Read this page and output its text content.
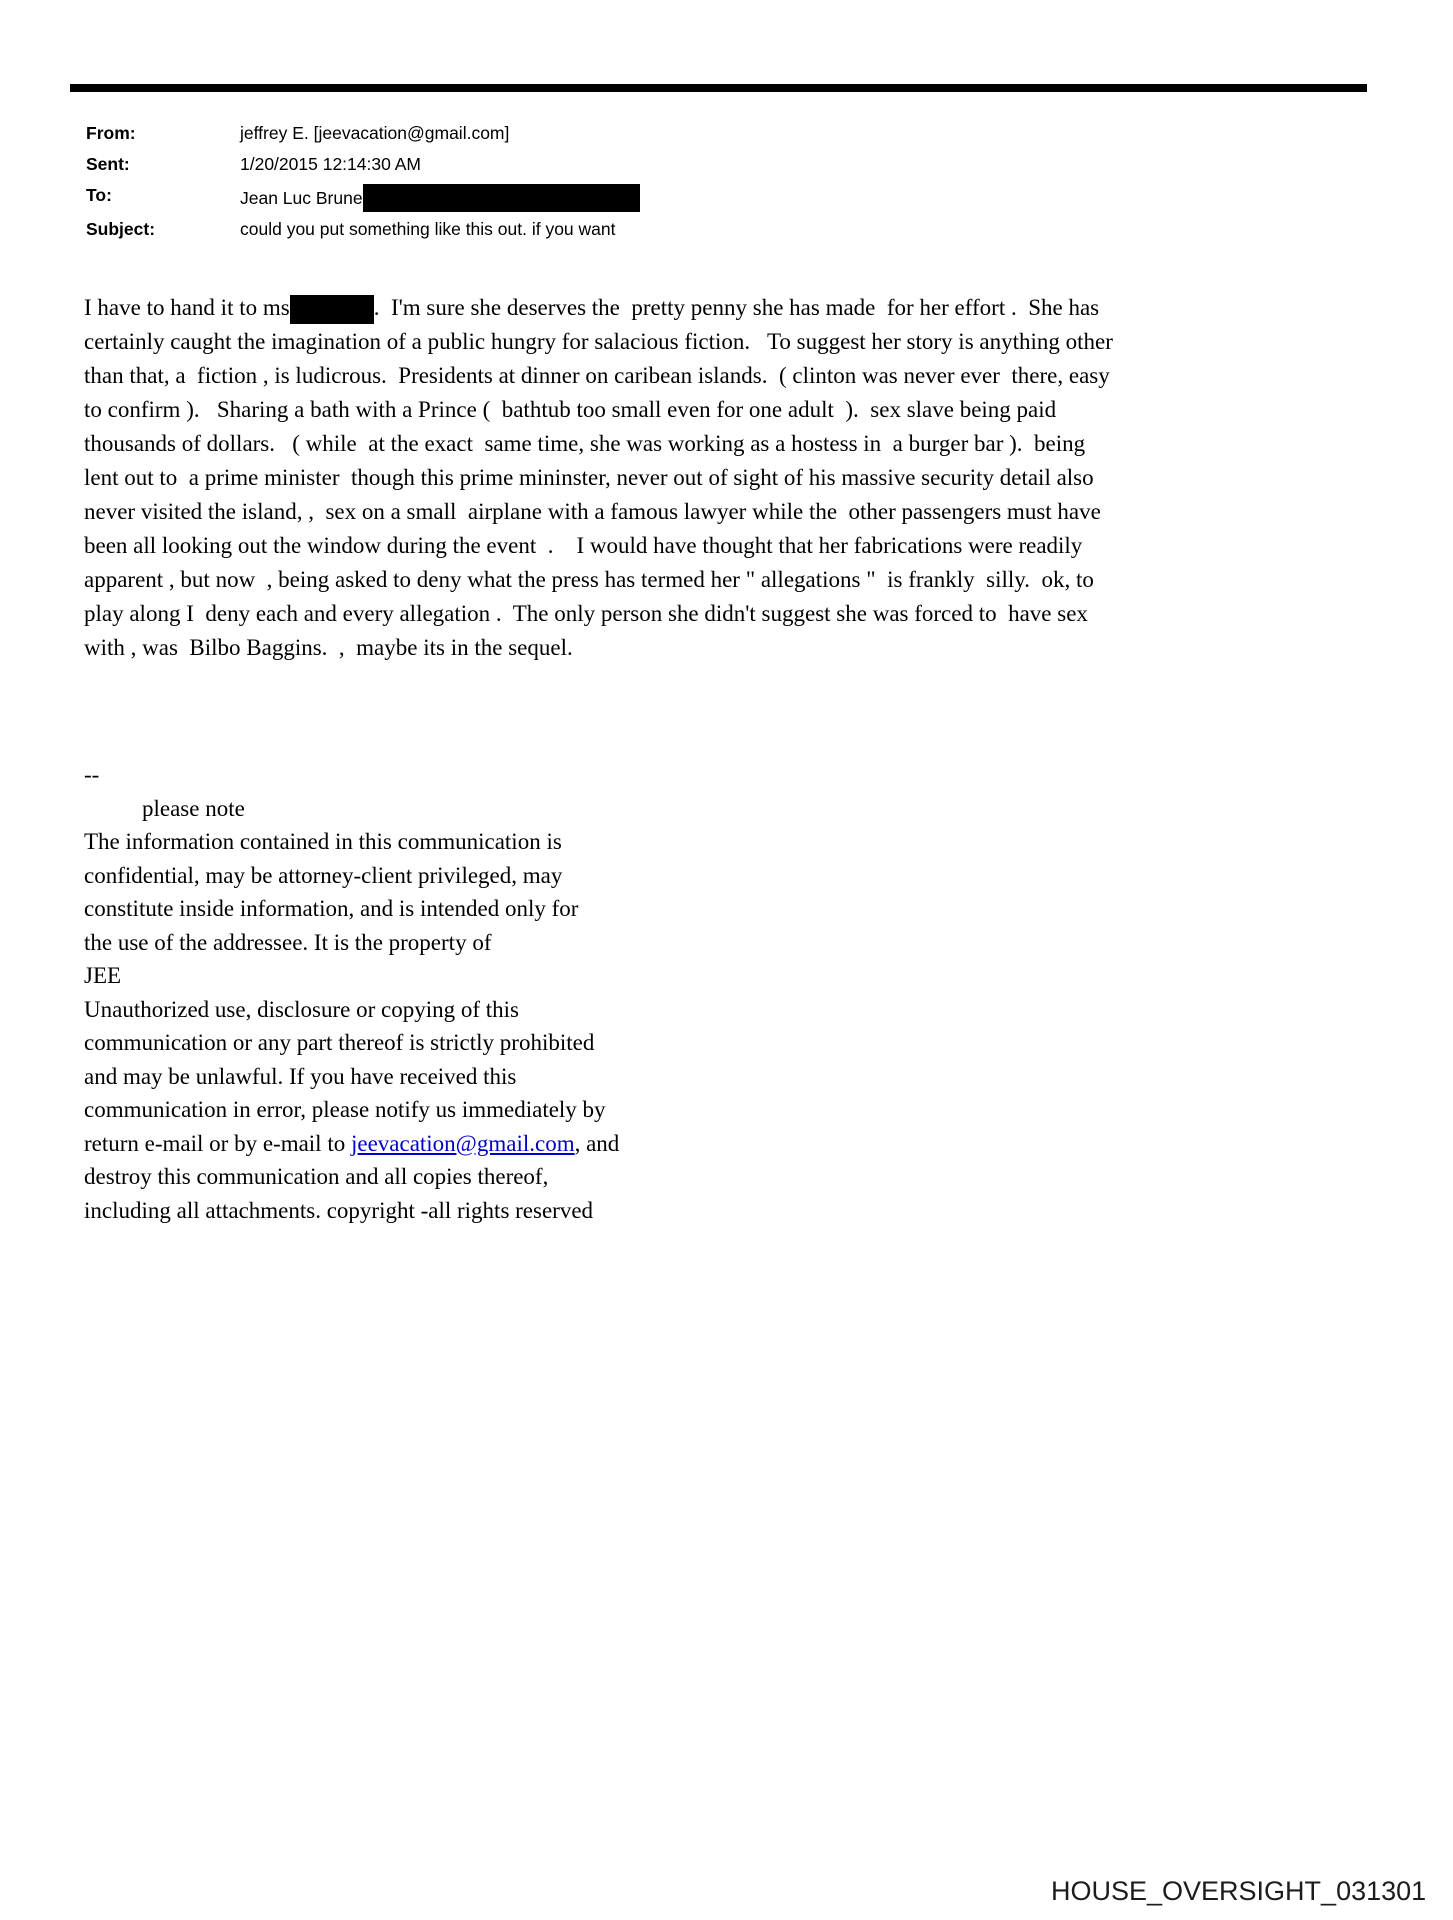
From:	jeffrey E. [jeevacation@gmail.com]
Sent:	1/20/2015 12:14:30 AM
To:	Jean Luc Brune
Subject:	could you put something like this out. if you want
I have to hand it to ms	.  I'm sure she deserves the  pretty penny she has made  for her effort .  She has
certainly caught the imagination of a public hungry for salacious fiction.   To suggest her story is anything other
than that, a  fiction , is ludicrous.  Presidents at dinner on caribean islands.  ( clinton was never ever  there, easy
to confirm ).   Sharing a bath with a Prince (  bathtub too small even for one adult  ).  sex slave being paid
thousands of dollars.   ( while  at the exact  same time, she was working as a hostess in  a burger bar ).  being
lent out to  a prime minister  though this prime mininster, never out of sight of his massive security detail also
never visited the island, ,  sex on a small  airplane with a famous lawyer while the  other passengers must have
been all looking out the window during the event  .    I would have thought that her fabrications were readily
apparent , but now  , being asked to deny what the press has termed her " allegations "  is frankly  silly.  ok, to
play along I  deny each and every allegation .  The only person she didn't suggest she was forced to  have sex
with , was  Bilbo Baggins.  ,  maybe its in the sequel.
--
please note
The information contained in this communication is
confidential, may be attorney-client privileged, may
constitute inside information, and is intended only for
the use of the addressee. It is the property of
JEE
Unauthorized use, disclosure or copying of this
communication or any part thereof is strictly prohibited
and may be unlawful. If you have received this
communication in error, please notify us immediately by
return e-mail or by e-mail to jeevacation@gmail.com, and
destroy this communication and all copies thereof,
including all attachments. copyright -all rights reserved
HOUSE_OVERSIGHT_031301
